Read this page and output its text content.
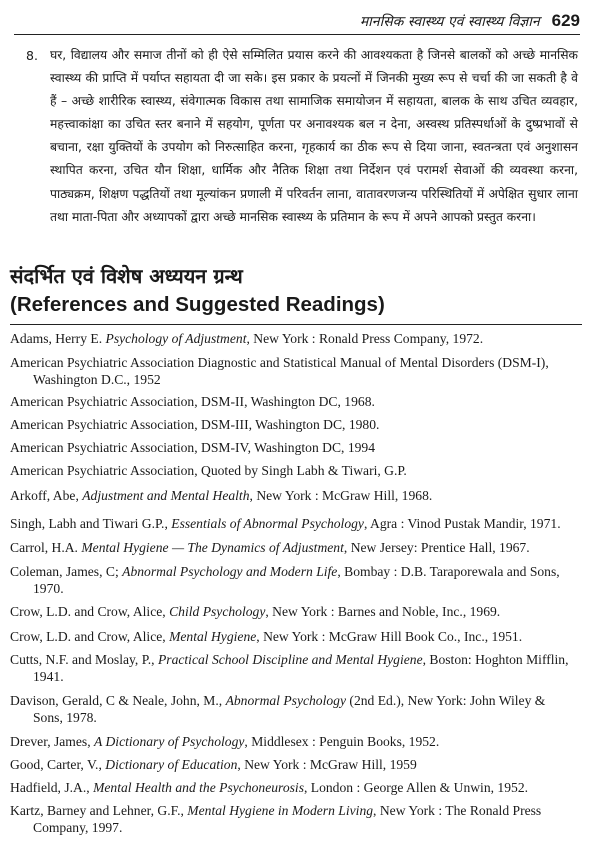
मानसिक स्वास्थ्य एवं स्वास्थ्य विज्ञान 629
8. घर, विद्यालय और समाज तीनों को ही ऐसे सम्मिलित प्रयास करने की आवश्यकता है जिनसे बालकों को अच्छे मानसिक स्वास्थ्य की प्राप्ति में पर्याप्त सहायता दी जा सके। इस प्रकार के प्रयत्नों में जिनकी मुख्य रूप से चर्चा की जा सकती है वे हैं – अच्छे शारीरिक स्वास्थ्य, संवेगात्मक विकास तथा सामाजिक समायोजन में सहायता, बालक के साथ उचित व्यवहार, महत्त्वाकांक्षा का उचित स्तर बनाने में सहयोग, पूर्णता पर अनावश्यक बल न देना, अस्वस्थ प्रतिस्पर्धाओं के दुष्प्रभावों से बचाना, रक्षा युक्तियों के उपयोग को निरुत्साहित करना, गृहकार्य का ठीक रूप से दिया जाना, स्वतन्त्रता एवं अनुशासन स्थापित करना, उचित यौन शिक्षा, धार्मिक और नैतिक शिक्षा तथा निर्देशन एवं परामर्श सेवाओं की व्यवस्था करना, पाठ्यक्रम, शिक्षण पद्धतियों तथा मूल्यांकन प्रणाली में परिवर्तन लाना, वातावरणजन्य परिस्थितियों में अपेक्षित सुधार लाना तथा माता-पिता और अध्यापकों द्वारा अच्छे मानसिक स्वास्थ्य के प्रतिमान के रूप में अपने आपको प्रस्तुत करना।
संदर्भित एवं विशेष अध्ययन ग्रन्थ
(References and Suggested Readings)
Adams, Herry E. Psychology of Adjustment, New York : Ronald Press Company, 1972.
American Psychiatric Association Diagnostic and Statistical Manual of Mental Disorders (DSM-I), Washington D.C., 1952
American Psychiatric Association, DSM-II, Washington DC, 1968.
American Psychiatric Association, DSM-III, Washington DC, 1980.
American Psychiatric Association, DSM-IV, Washington DC, 1994
American Psychiatric Association, Quoted by Singh Labh & Tiwari, G.P.
Arkoff, Abe, Adjustment and Mental Health, New York : McGraw Hill, 1968.
Singh, Labh and Tiwari G.P., Essentials of Abnormal Psychology, Agra : Vinod Pustak Mandir, 1971.
Carrol, H.A. Mental Hygiene — The Dynamics of Adjustment, New Jersey: Prentice Hall, 1967.
Coleman, James, C; Abnormal Psychology and Modern Life, Bombay : D.B. Taraporewala and Sons, 1970.
Crow, L.D. and Crow, Alice, Child Psychology, New York : Barnes and Noble, Inc., 1969.
Crow, L.D. and Crow, Alice, Mental Hygiene, New York : McGraw Hill Book Co., Inc., 1951.
Cutts, N.F. and Moslay, P., Practical School Discipline and Mental Hygiene, Boston: Hoghton Mifflin, 1941.
Davison, Gerald, C & Neale, John, M., Abnormal Psychology (2nd Ed.), New York: John Wiley & Sons, 1978.
Drever, James, A Dictionary of Psychology, Middlesex : Penguin Books, 1952.
Good, Carter, V., Dictionary of Education, New York : McGraw Hill, 1959
Hadfield, J.A., Mental Health and the Psychoneurosis, London : George Allen & Unwin, 1952.
Kartz, Barney and Lehner, G.F., Mental Hygiene in Modern Living, New York : The Ronald Press Company, 1997.
